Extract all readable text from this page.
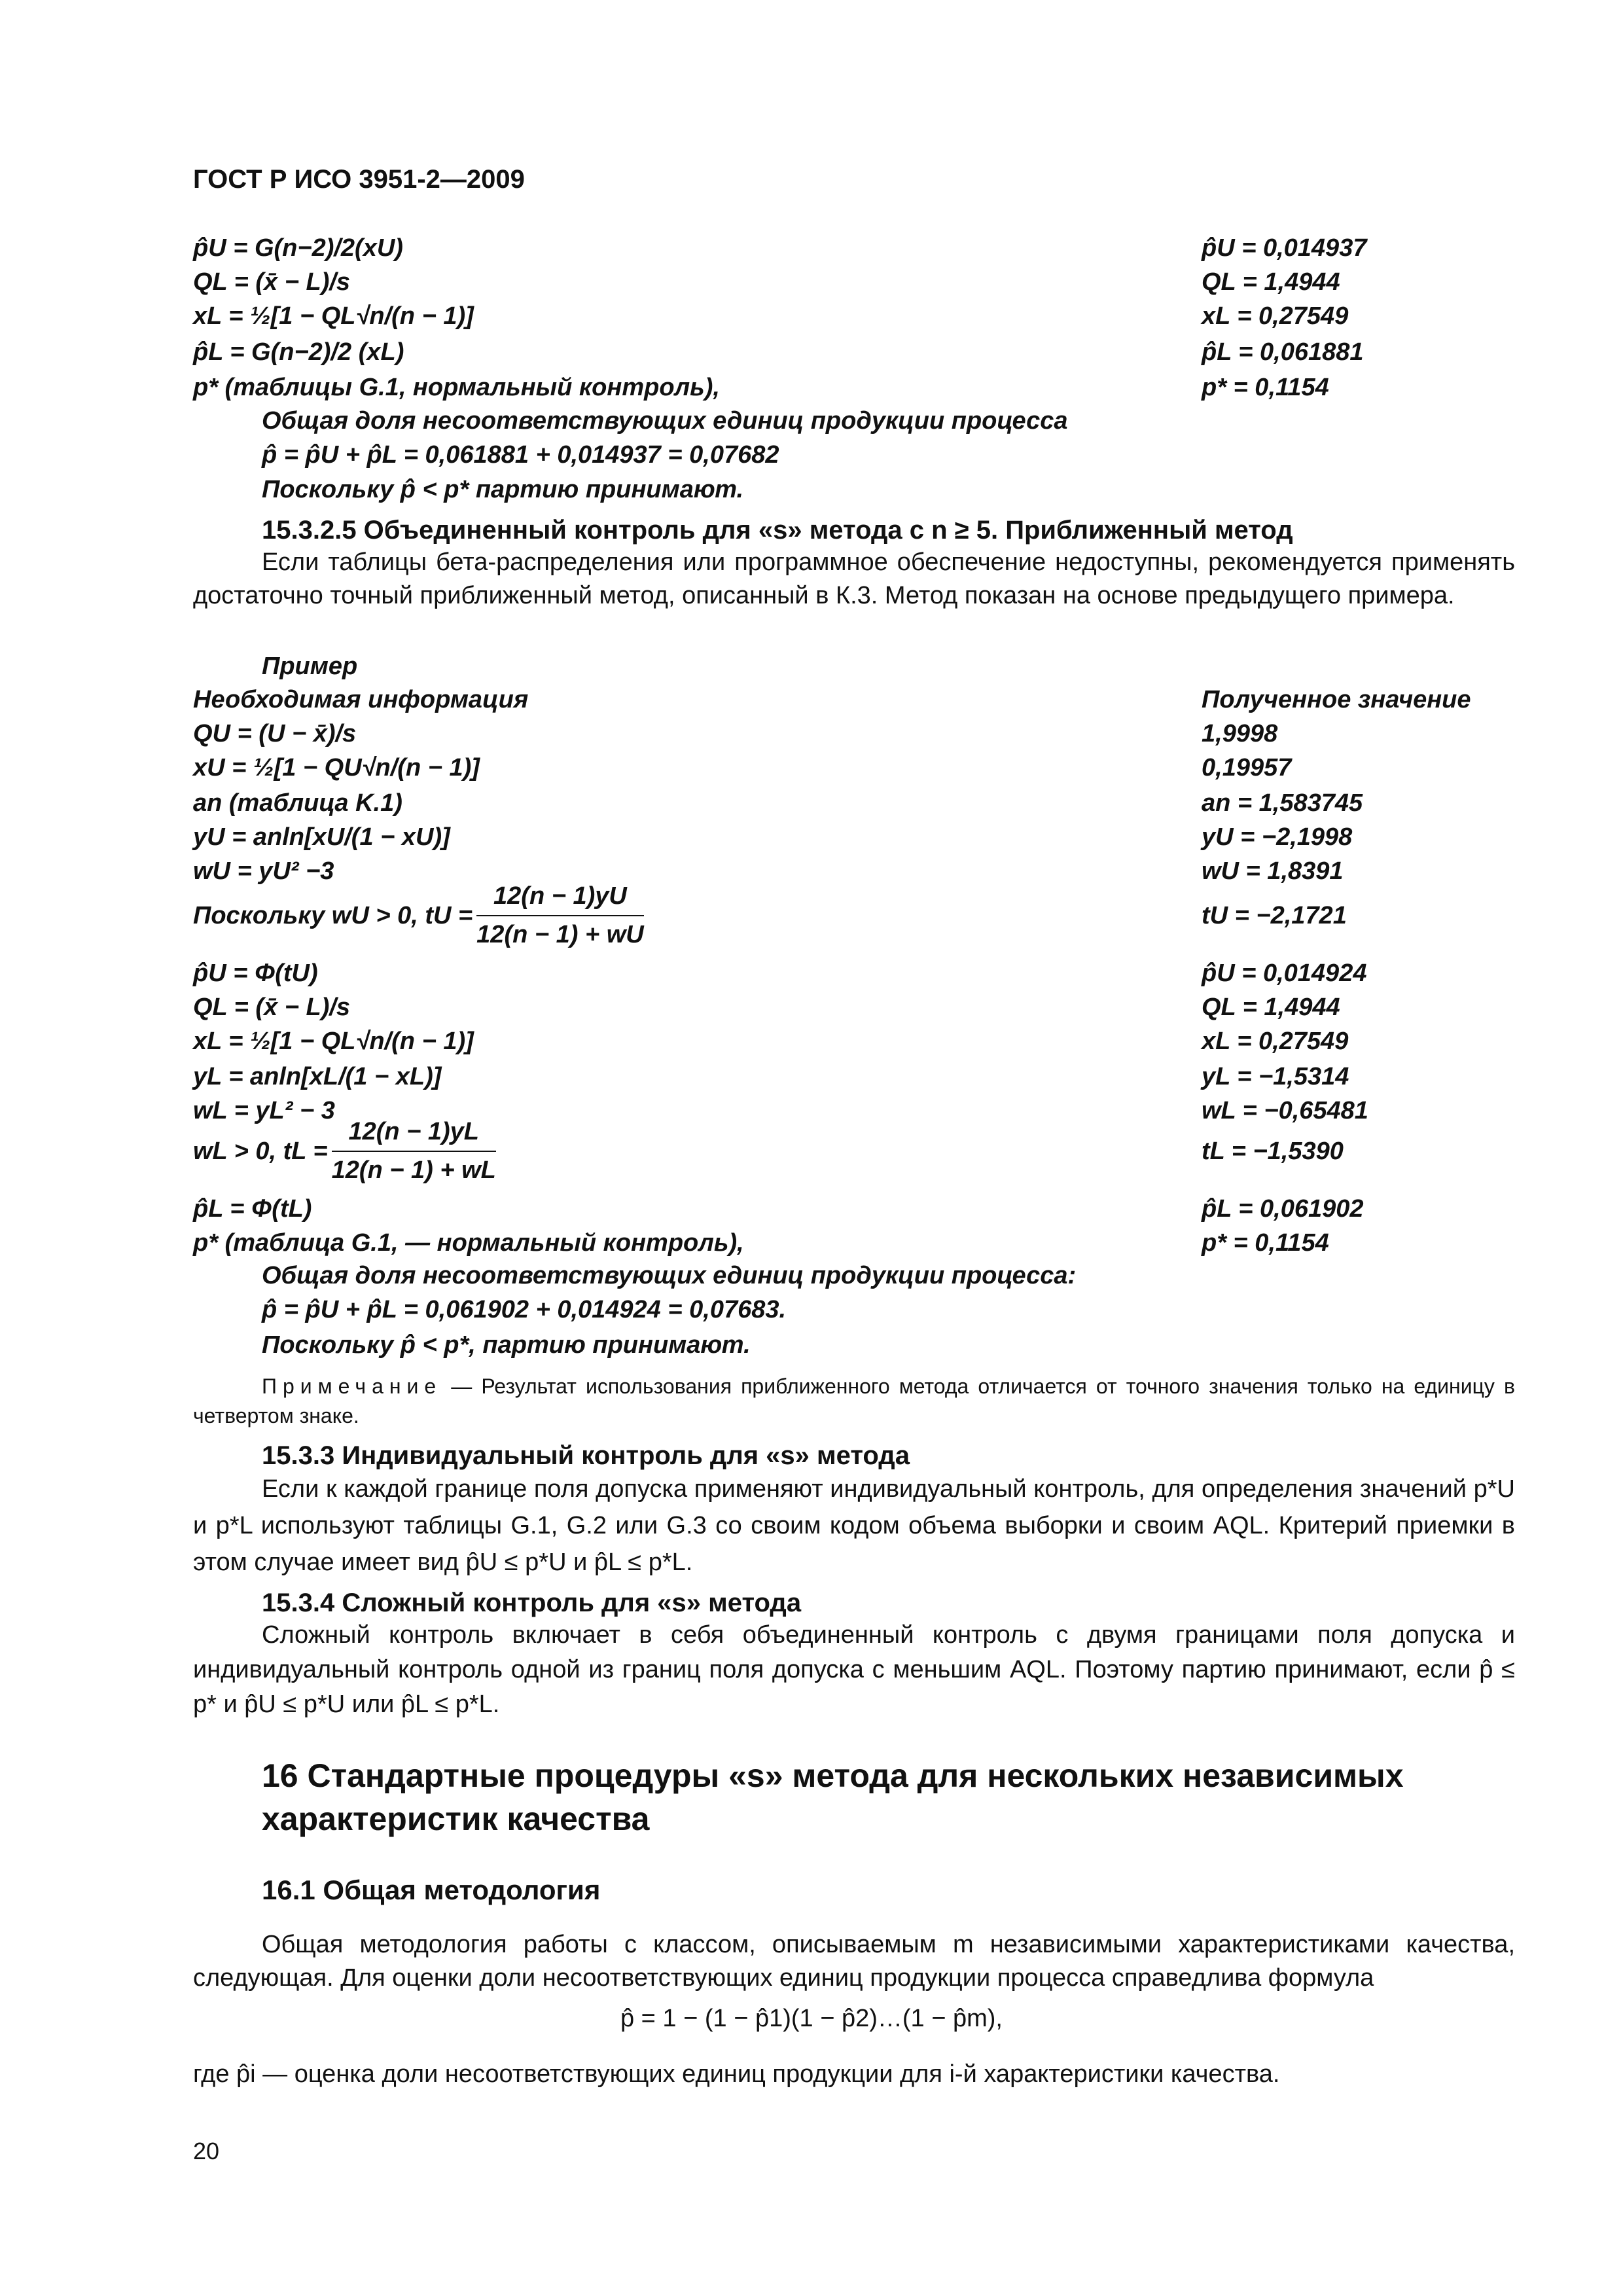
ГОСТ Р ИСО 3951-2—2009
p̂U = G(n−2)/2(xU)	p̂U = 0,014937
QL = (x̄ − L)/s	QL = 1,4944
xL = ½[1 − QL√n/(n − 1)]	xL = 0,27549
p̂L = G(n−2)/2 (xL)	p̂L = 0,061881
p* (таблицы G.1, нормальный контроль),	p* = 0,1154
Общая доля несоответствующих единиц продукции процесса
p̂ = p̂U + p̂L = 0,061881 + 0,014937 = 0,07682
Поскольку p̂ < p* партию принимают.
15.3.2.5 Объединенный контроль для «s» метода с n ≥ 5. Приближенный метод
Если таблицы бета-распределения или программное обеспечение недоступны, рекомендуется применять достаточно точный приближенный метод, описанный в К.3. Метод показан на основе предыдущего примера.
Пример
Необходимая информация	Полученное значение
QU = (U − x̄)/s	1,9998
xU = ½[1 − QU√n/(n − 1)]	0,19957
an (таблица K.1)	an = 1,583745
yU = anln[xU/(1 − xU)]	yU = −2,1998
wU = yU² −3	wU = 1,8391
Поскольку wU > 0, tU = $\frac{12(n - 1)yU}{12(n - 1) + wU}$	tU = −2,1721
p̂U = Φ(tU)	p̂U = 0,014924
QL = (x̄ − L)/s	QL = 1,4944
xL = ½[1 − QL√n/(n − 1)]	xL = 0,27549
yL = anln[xL/(1 − xL)]	yL = −1,5314
wL = yL² − 3	wL = −0,65481
wL > 0, tL = $\frac{12(n - 1)yL}{12(n - 1) + wL}$	tL = −1,5390
p̂L = Φ(tL)	p̂L = 0,061902
p* (таблица G.1, — нормальный контроль),	p* = 0,1154
Общая доля несоответствующих единиц продукции процесса:
p̂ = p̂U + p̂L = 0,061902 + 0,014924 = 0,07683.
Поскольку p̂ < p*, партию принимают.
Примечание — Результат использования приближенного метода отличается от точного значения только на единицу в четвертом знаке.
15.3.3 Индивидуальный контроль для «s» метода
Если к каждой границе поля допуска применяют индивидуальный контроль, для определения значений p*U и p*L используют таблицы G.1, G.2 или G.3 со своим кодом объема выборки и своим AQL. Критерий приемки в этом случае имеет вид p̂U ≤ p*U и p̂L ≤ p*L.
15.3.4 Сложный контроль для «s» метода
Сложный контроль включает в себя объединенный контроль с двумя границами поля допуска и индивидуальный контроль одной из границ поля допуска с меньшим AQL. Поэтому партию принимают, если p̂ ≤ p* и p̂U ≤ p*U или p̂L ≤ p*L.
16 Стандартные процедуры «s» метода для нескольких независимых характеристик качества
16.1 Общая методология
Общая методология работы с классом, описываемым m независимыми характеристиками качества, следующая. Для оценки доли несоответствующих единиц продукции процесса справедлива формула
p̂ = 1 − (1 − p̂1)(1 − p̂2)…(1 − p̂m),
где p̂i — оценка доли несоответствующих единиц продукции для i-й характеристики качества.
20
